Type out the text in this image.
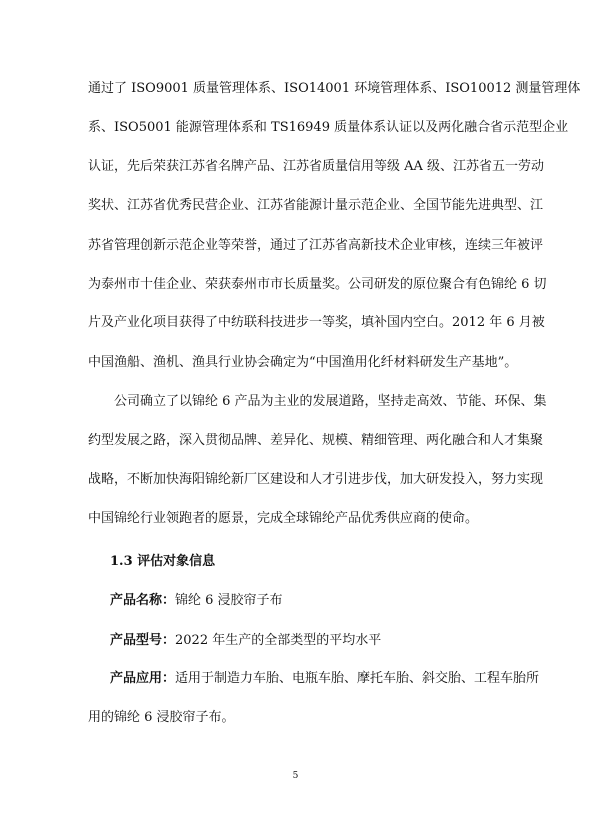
通过了 ISO9001 质量管理体系、ISO14001 环境管理体系、ISO10012 测量管理体
系、ISO5001 能源管理体系和 TS16949 质量体系认证以及两化融合省示范型企业
认证，先后荣获江苏省名牌产品、江苏省质量信用等级 AA 级、江苏省五一劳动
奖状、江苏省优秀民营企业、江苏省能源计量示范企业、全国节能先进典型、江
苏省管理创新示范企业等荣誉，通过了江苏省高新技术企业审核，连续三年被评
为泰州市十佳企业、荣获泰州市市长质量奖。公司研发的原位聚合有色锦纶 6 切
片及产业化项目获得了中纺联科技进步一等奖，填补国内空白。2012 年 6 月被
中国渔船、渔机、渔具行业协会确定为“中国渔用化纤材料研发生产基地”。
公司确立了以锦纶 6 产品为主业的发展道路，坚持走高效、节能、环保、集
约型发展之路，深入贯彻品牌、差异化、规模、精细管理、两化融合和人才集聚
战略，不断加快海阳锦纶新厂区建设和人才引进步伐，加大研发投入，努力实现
中国锦纶行业领跑者的愿景，完成全球锦纶产品优秀供应商的使命。
1.3 评估对象信息
产品名称：锦纶 6 浸胶帘子布
产品型号：2022 年生产的全部类型的平均水平
产品应用：适用于制造力车胎、电瓶车胎、摩托车胎、斜交胎、工程车胎所
用的锦纶 6 浸胶帘子布。
5
